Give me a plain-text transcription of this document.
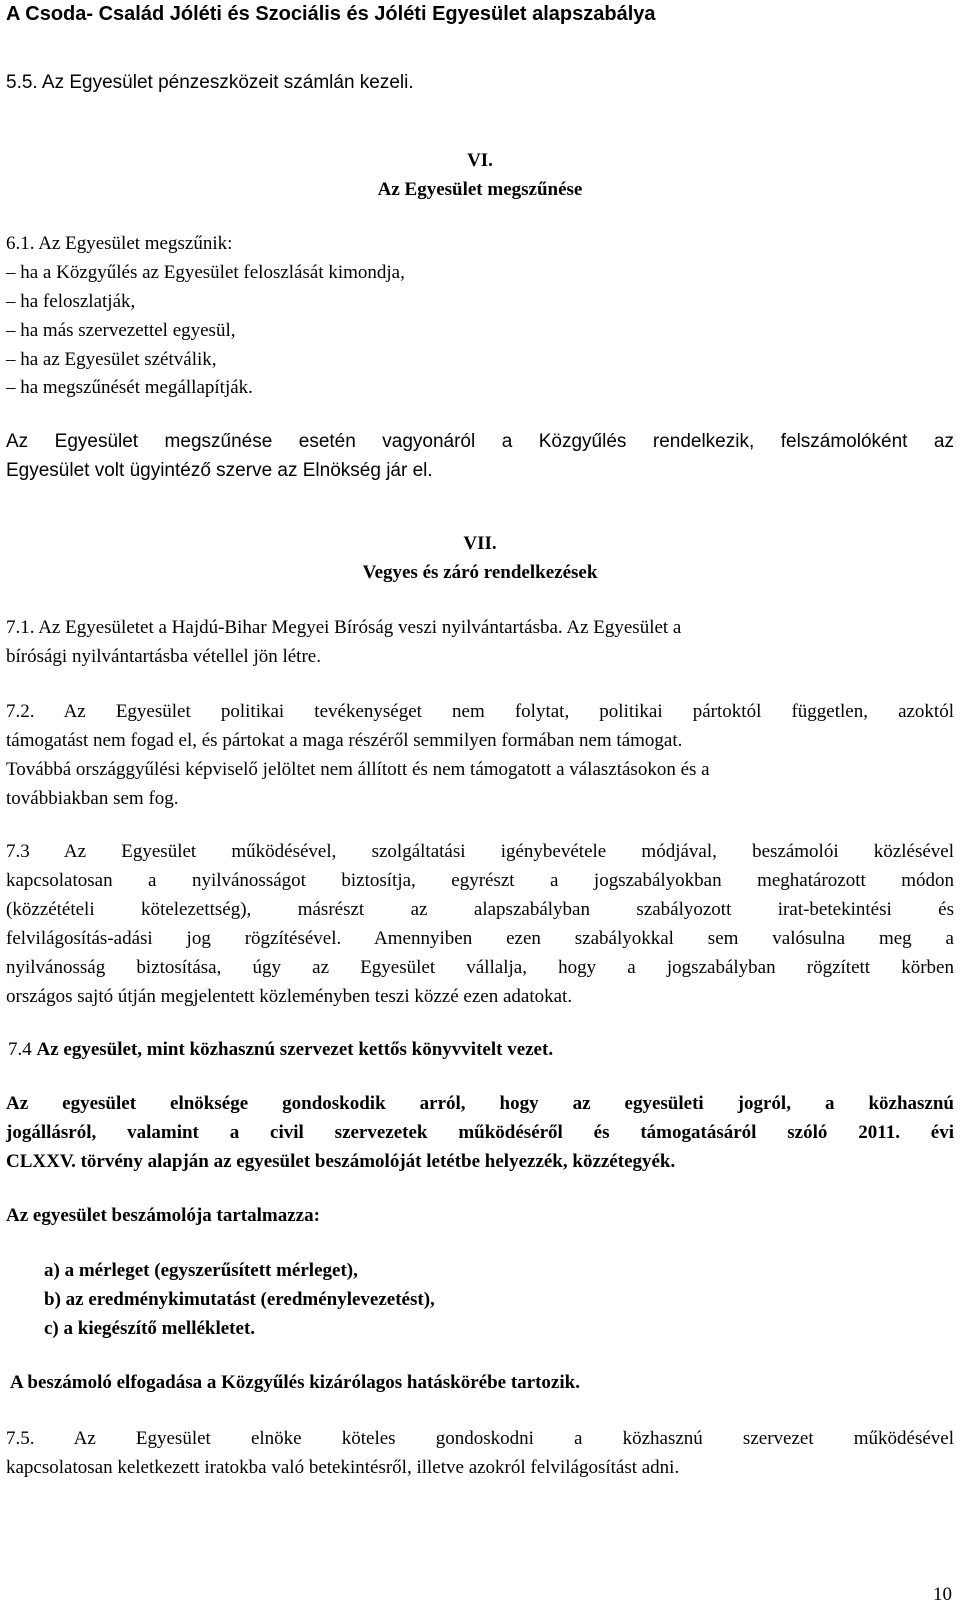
A Csoda- Család Jóléti és Szociális és Jóléti Egyesület alapszabálya
5.5. Az Egyesület pénzeszközeit számlán kezeli.
VI.
Az Egyesület megszűnése
6.1. Az Egyesület megszűnik:
– ha a Közgyűlés az Egyesület feloszlását kimondja,
– ha feloszlatják,
– ha más szervezettel egyesül,
– ha az Egyesület szétválik,
– ha megszűnését megállapítják.
Az Egyesület megszűnése esetén vagyonáról a Közgyűlés rendelkezik, felszámolóként az
Egyesület volt ügyintéző szerve az Elnökség jár el.
VII.
Vegyes és záró rendelkezések
7.1. Az Egyesületet a Hajdú-Bihar Megyei Bíróság veszi nyilvántartásba. Az Egyesület a
bírósági nyilvántartásba vétellel jön létre.
7.2. Az Egyesület politikai tevékenységet nem folytat, politikai pártoktól független, azoktól
támogatást nem fogad el, és pártokat a maga részéről semmilyen formában nem támogat.
Továbbá országgyűlési képviselő jelöltet nem állított és nem támogatott a választásokon és a
továbbiakban sem fog.
7.3 Az Egyesület működésével, szolgáltatási igénybevétele módjával, beszámolói közlésével
kapcsolatosan a nyilvánosságot biztosítja, egyrészt a jogszabályokban meghatározott módon
(közzétételi kötelezettség), másrészt az alapszabályban szabályozott irat-betekintési és
felvilágosítás-adási jog rögzítésével. Amennyiben ezen szabályokkal sem valósulna meg a
nyilvánosság biztosítása, úgy az Egyesület vállalja, hogy a jogszabályban rögzített körben
országos sajtó útján megjelentett közleményben teszi közzé ezen adatokat.
7.4 Az egyesület, mint közhasznú szervezet kettős könyvvitelt vezet.
Az egyesület elnöksége gondoskodik arról, hogy az egyesületi jogról, a közhasznú
jogállásról, valamint a civil szervezetek működéséről és támogatásáról szóló 2011. évi
CLXXV. törvény alapján az egyesület beszámolóját letétbe helyezzék, közzétegyék.
Az egyesület beszámolója tartalmazza:
a) a mérleget (egyszerűsített mérleget),
b) az eredménykimutatást (eredménylevezetést),
c) a kiegészítő mellékletet.
A beszámoló elfogadása a Közgyűlés kizárólagos hatáskörébe tartozik.
7.5. Az Egyesület elnöke köteles gondoskodni a közhasznú szervezet működésével
kapcsolatosan keletkezett iratokba való betekintésről, illetve azokról felvilágosítást adni.
10
